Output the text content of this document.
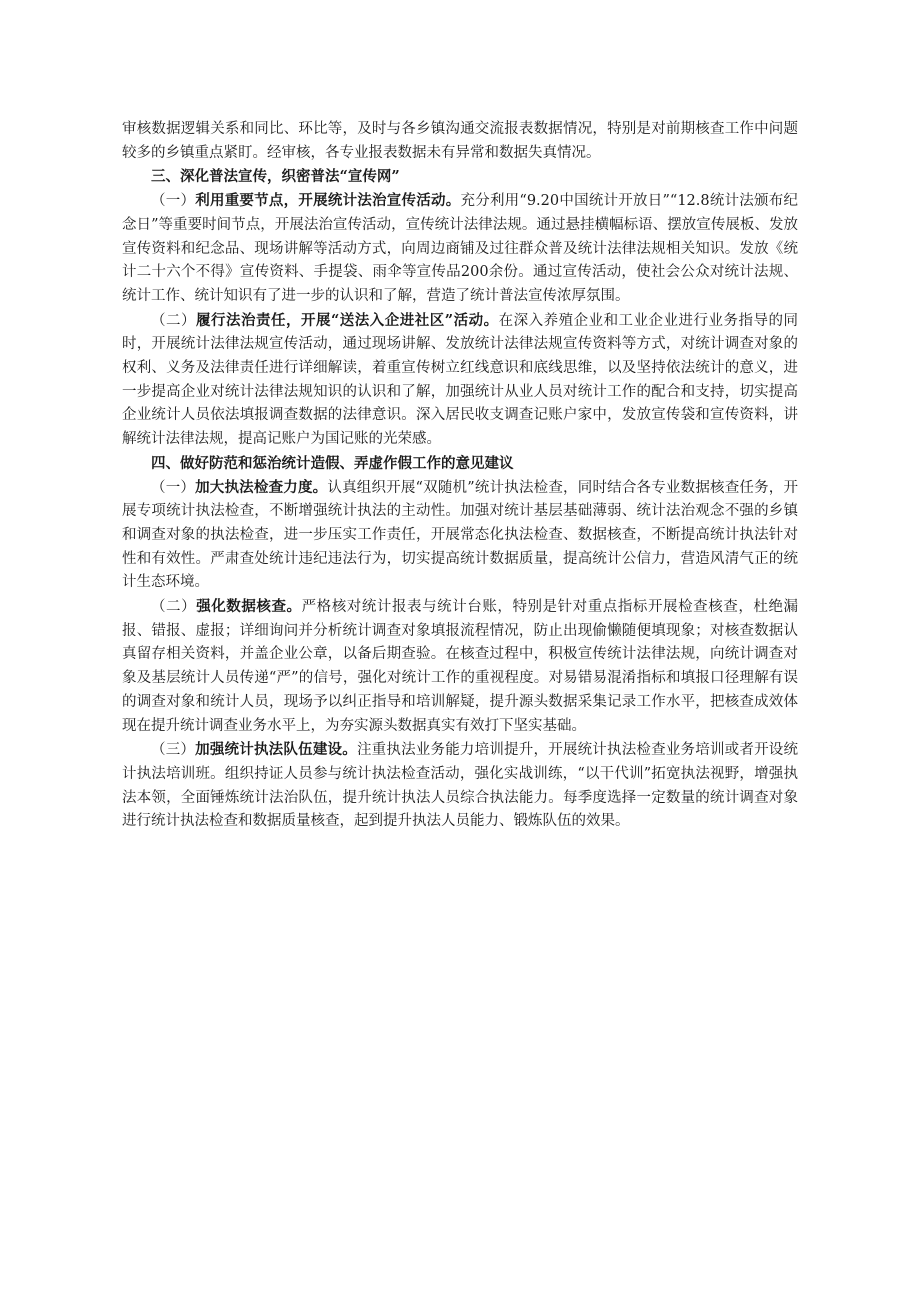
审核数据逻辑关系和同比、环比等，及时与各乡镇沟通交流报表数据情况，特别是对前期核查工作中问题较多的乡镇重点紧盯。经审核，各专业报表数据未有异常和数据失真情况。

三、深化普法宣传，织密普法“宣传网”

（一）利用重要节点，开展统计法治宣传活动。充分利用“9.20中国统计开放日”“12.8统计法颁布纪念日”等重要时间节点，开展法治宣传活动，宣传统计法律法规。通过悬挂横幅标语、摆放宣传展板、发放宣传资料和纪念品、现场讲解等活动方式，向周边商铺及过往群众普及统计法律法规相关知识。发放《统计二十六个不得》宣传资料、手提袋、雨伞等宣传品200余份。通过宣传活动，使社会公众对统计法规、统计工作、统计知识有了进一步的认识和了解，营造了统计普法宣传浓厚氛围。

（二）履行法治责任，开展“送法入企进社区”活动。在深入养殖企业和工业企业进行业务指导的同时，开展统计法律法规宣传活动，通过现场讲解、发放统计法律法规宣传资料等方式，对统计调查对象的权利、义务及法律责任进行详细解读，着重宣传树立红线意识和底线思维，以及坚持依法统计的意义，进一步提高企业对统计法律法规知识的认识和了解，加强统计从业人员对统计工作的配合和支持，切实提高企业统计人员依法填报调查数据的法律意识。深入居民收支调查记账户家中，发放宣传袋和宣传资料，讲解统计法律法规，提高记账户为国记账的光荣感。

四、做好防范和惩治统计造假、弄虚作假工作的意见建议

（一）加大执法检查力度。认真组织开展“双随机”统计执法检查，同时结合各专业数据核查任务，开展专项统计执法检查，不断增强统计执法的主动性。加强对统计基层基础薄弱、统计法治观念不强的乡镇和调查对象的执法检查，进一步压实工作责任，开展常态化执法检查、数据核查，不断提高统计执法针对性和有效性。严肃查处统计违纪违法行为，切实提高统计数据质量，提高统计公信力，营造风清气正的统计生态环境。

（二）强化数据核查。严格核对统计报表与统计台账，特别是针对重点指标开展检查核查，杜绝漏报、错报、虚报；详细询问并分析统计调查对象填报流程情况，防止出现偷懒随便填现象；对核查数据认真留存相关资料，并盖企业公章，以备后期查验。在核查过程中，积极宣传统计法律法规，向统计调查对象及基层统计人员传递“严”的信号，强化对统计工作的重视程度。对易错易混淆指标和填报口径理解有误的调查对象和统计人员，现场予以纠正指导和培训解疑，提升源头数据采集记录工作水平，把核查成效体现在提升统计调查业务水平上，为夯实源头数据真实有效打下坚实基础。

（三）加强统计执法队伍建设。注重执法业务能力培训提升，开展统计执法检查业务培训或者开设统计执法培训班。组织持证人员参与统计执法检查活动，强化实战训练，“以干代训”拓宽执法视野，增强执法本领，全面锤炼统计法治队伍，提升统计执法人员综合执法能力。每季度选择一定数量的统计调查对象进行统计执法检查和数据质量核查，起到提升执法人员能力、锻炼队伍的效果。
